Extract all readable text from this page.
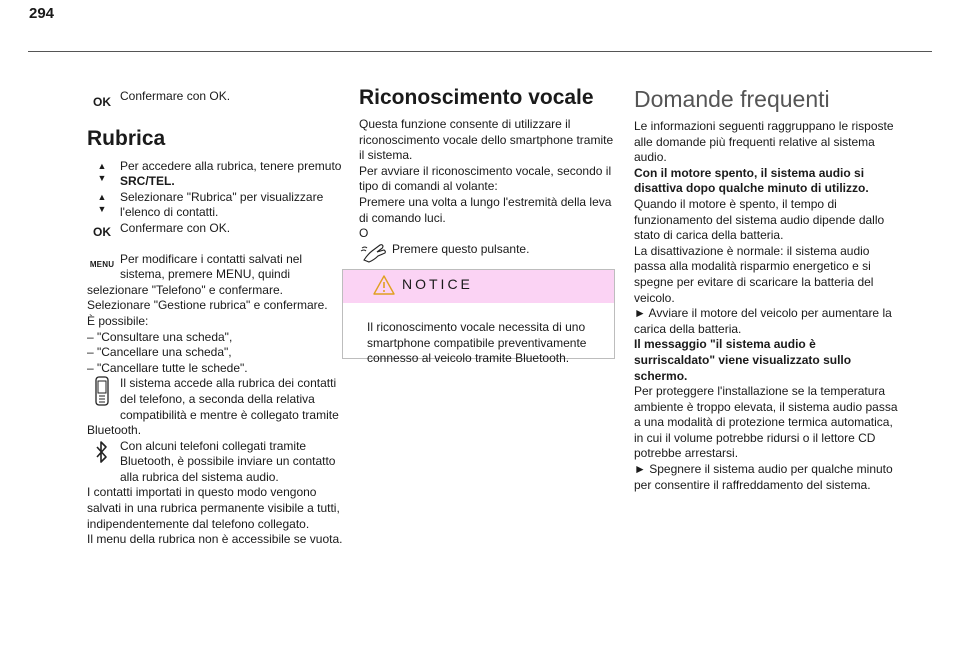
294
OK Confermare con OK.

Rubrica
▲
▼

Per accedere alla rubrica, tenere premuto

SRC/TEL.

▲
▼

Selezionare "Rubrica" per visualizzare

l'elenco di contatti.

OK Confermare con OK.

MENU Per modificare i contatti salvati nel

sistema, premere MENU, quindi

selezionare "Telefono" e confermare.

Selezionare "Gestione rubrica" e confermare.

È possibile:

– "Consultare una scheda",

– "Cancellare una scheda",

– "Cancellare tutte le schede".

Il sistema accede alla rubrica dei contatti del telefono, a seconda della relativa compatibilità e mentre è collegato tramite Bluetooth.

Con alcuni telefoni collegati tramite Bluetooth, è possibile inviare un contatto alla rubrica del sistema audio.

I contatti importati in questo modo vengono salvati in una rubrica permanente visibile a tutti, indipendentemente dal telefono collegato.

Il menu della rubrica non è accessibile se vuota.

Riconoscimento vocale

Questa funzione consente di utilizzare il riconoscimento vocale dello smartphone tramite il sistema.

Per avviare il riconoscimento vocale, secondo il tipo di comandi al volante:

Premere una volta a lungo l'estremità della leva di comando luci.

O

Premere questo pulsante.

NOTICE

Il riconoscimento vocale necessita di uno smartphone compatibile preventivamente connesso al veicolo tramite Bluetooth.

Domande frequenti

Le informazioni seguenti raggruppano le risposte alle domande più frequenti relative al sistema audio.

Con il motore spento, il sistema audio si disattiva dopo qualche minuto di utilizzo.

Quando il motore è spento, il tempo di funzionamento del sistema audio dipende dallo stato di carica della batteria.

La disattivazione è normale: il sistema audio passa alla modalità risparmio energetico e si spegne per evitare di scaricare la batteria del veicolo.

► Avviare il motore del veicolo per aumentare la carica della batteria.

Il messaggio "il sistema audio è surriscaldato" viene visualizzato sullo schermo.

Per proteggere l'installazione se la temperatura ambiente è troppo elevata, il sistema audio passa a una modalità di protezione termica automatica, in cui il volume potrebbe ridursi o il lettore CD potrebbe arrestarsi.

► Spegnere il sistema audio per qualche minuto per consentire il raffreddamento del sistema.
